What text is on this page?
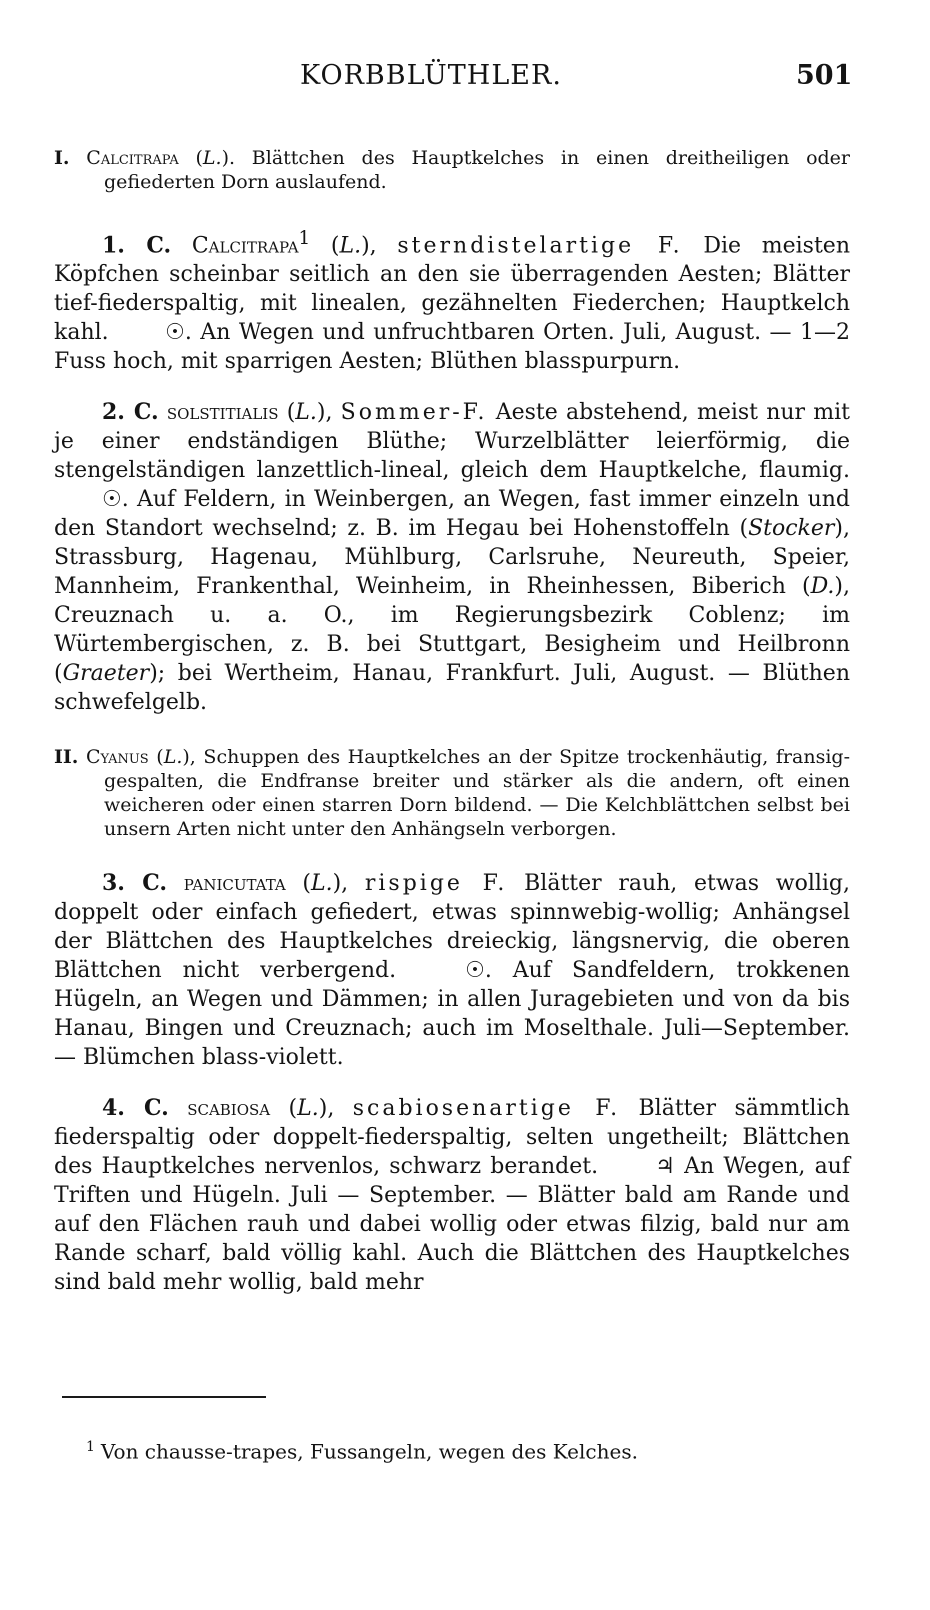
KORBBLÜTHLER.	501

I. Calcitrapa (L.). Blättchen des Hauptkelches in einen dreitheiligen oder gefiederten Dorn auslaufend.

1. C. Calcitrapa$^1$ (L.), sterndistelartige F. Die meisten Köpfchen scheinbar seitlich an den sie überragenden Aesten; Blätter tief-fiederspaltig, mit linealen, gezähnelten Fiederchen; Hauptkelch kahl.	☉. An Wegen und unfruchtbaren Orten. Juli, August. — 1—2 Fuss hoch, mit sparrigen Aesten; Blüthen blasspurpurn.

2. C. solstitialis (L.), Sommer-F. Aeste abstehend, meist nur mit je einer endständigen Blüthe; Wurzelblätter leierförmig, die stengelständigen lanzettlich-lineal, gleich dem Hauptkelche, flaumig. ☉. Auf Feldern, in Weinbergen, an Wegen, fast immer einzeln und den Standort wechselnd; z. B. im Hegau bei Hohenstoffeln (Stocker), Strassburg, Hagenau, Mühlburg, Carlsruhe, Neureuth, Speier, Mannheim, Frankenthal, Weinheim, in Rheinhessen, Biberich (D.), Creuznach u. a. O., im Regierungsbezirk Coblenz; im Würtembergischen, z. B. bei Stuttgart, Besigheim und Heilbronn (Graeter); bei Wertheim, Hanau, Frankfurt. Juli, August. — Blüthen schwefelgelb.

II. Cyanus (L.), Schuppen des Hauptkelches an der Spitze trockenhäutig, fransig-gespalten, die Endfranse breiter und stärker als die andern, oft einen weicheren oder einen starren Dorn bildend. — Die Kelchblättchen selbst bei unsern Arten nicht unter den Anhängseln verborgen.

3. C. panicutata (L.), rispige F. Blätter rauh, etwas wollig, doppelt oder einfach gefiedert, etwas spinnwebig-wollig; Anhängsel der Blättchen des Hauptkelches dreieckig, längsnervig, die oberen Blättchen nicht verbergend.	☉. Auf Sandfeldern, trokkenen Hügeln, an Wegen und Dämmen; in allen Juragebieten und von da bis Hanau, Bingen und Creuznach; auch im Moselthale. Juli—September. — Blümchen blass-violett.

4. C. scabiosa (L.), scabiosenartige F. Blätter sämmtlich fiederspaltig oder doppelt-fiederspaltig, selten ungetheilt; Blättchen des Hauptkelches nervenlos, schwarz berandet.	♃ An Wegen, auf Triften und Hügeln. Juli — September. — Blätter bald am Rande und auf den Flächen rauh und dabei wollig oder etwas filzig, bald nur am Rande scharf, bald völlig kahl. Auch die Blättchen des Hauptkelches sind bald mehr wollig, bald mehr

$^1$ Von chausse-trapes, Fussangeln, wegen des Kelches.
